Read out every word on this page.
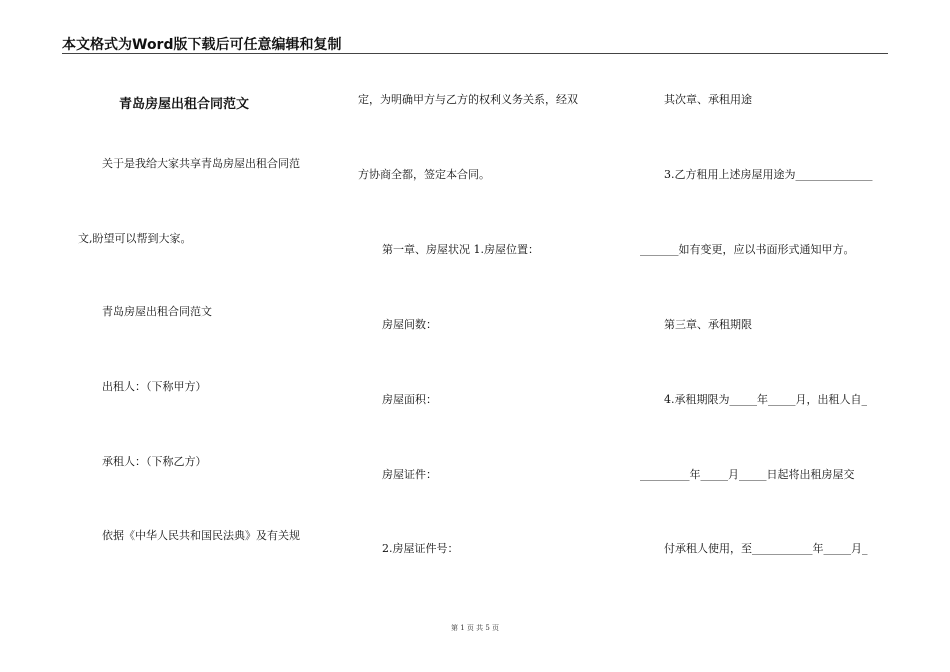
本文格式为Word版下载后可任意编辑和复制
青岛房屋出租合同范文
关于是我给大家共享青岛房屋出租合同范
文,盼望可以帮到大家。
青岛房屋出租合同范文
出租人：（下称甲方）
承租人：（下称乙方）
依据《中华人民共和国民法典》及有关规
定，为明确甲方与乙方的权利义务关系，经双
方协商全都，签定本合同。
第一章、房屋状况 1.房屋位置：
房屋间数：
房屋面积：
房屋证件：
2.房屋证件号：
其次章、承租用途
3.乙方租用上述房屋用途为______________
_______如有变更，应以书面形式通知甲方。
第三章、承租期限
4.承租期限为_____年_____月，出租人自_
_________年_____月_____日起将出租房屋交
付承租人使用，至___________年_____月_
第 1 页 共 5 页
